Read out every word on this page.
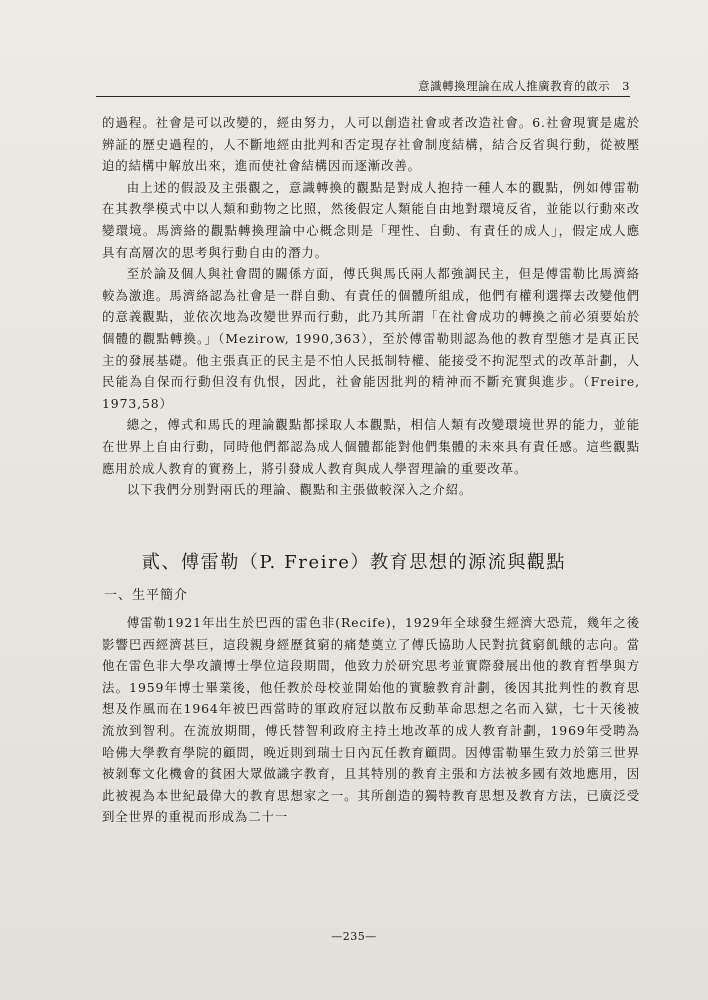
意識轉換理論在成人推廣教育的啟示　3

的過程。社會是可以改變的，經由努力，人可以創造社會或者改造社會。6.社會現實是處於辨証的歷史過程的，人不斷地經由批判和否定現存社會制度結構，結合反省與行動，從被壓迫的結構中解放出來，進而使社會結構因而逐漸改善。

由上述的假設及主張觀之，意識轉換的觀點是對成人抱持一種人本的觀點，例如傅雷勒在其教學模式中以人類和動物之比照，然後假定人類能自由地對環境反省，並能以行動來改變環境。馬濟絡的觀點轉換理論中心概念則是「理性、自動、有責任的成人」，假定成人應具有高層次的思考與行動自由的潛力。

至於論及個人與社會間的關係方面，傅氏與馬氏兩人都強調民主，但是傅雷勒比馬濟絡較為激進。馬濟絡認為社會是一群自動、有責任的個體所組成，他們有權利選擇去改變他們的意義觀點，並依次地為改變世界而行動，此乃其所謂「在社會成功的轉換之前必須要始於個體的觀點轉換。」（Mezirow, 1990,363），至於傅雷勒則認為他的教育型態才是真正民主的發展基礎。他主張真正的民主是不怕人民抵制特權、能接受不拘泥型式的改革計劃，人民能為自保而行動但沒有仇恨，因此，社會能因批判的精神而不斷充實與進步。（Freire, 1973,58）

總之，傅式和馬氏的理論觀點都採取人本觀點，相信人類有改變環境世界的能力，並能在世界上自由行動，同時他們都認為成人個體都能對他們集體的未來具有責任感。這些觀點應用於成人教育的實務上，將引發成人教育與成人學習理論的重要改革。

以下我們分別對兩氏的理論、觀點和主張做較深入之介紹。

貳、傅雷勒（P. Freire）教育思想的源流與觀點
一、生平簡介

傅雷勒1921年出生於巴西的雷色非(Recife)，1929年全球發生經濟大恐荒，幾年之後影響巴西經濟甚巨，這段親身經歷貧窮的痛楚奠立了傅氏協助人民對抗貧窮飢餓的志向。當他在雷色非大學攻讀博士學位這段期間，他致力於研究思考並實際發展出他的教育哲學與方法。1959年博士畢業後，他任教於母校並開始他的實驗教育計劃，後因其批判性的教育思想及作風而在1964年被巴西當時的軍政府冠以散布反動革命思想之名而入獄，七十天後被流放到智利。在流放期間，傅氏替智利政府主持土地改革的成人教育計劃，1969年受聘為哈佛大學教育學院的顧問，晚近則到瑞士日內瓦任教育顧問。因傅雷勒畢生致力於第三世界被剝奪文化機會的貧困大眾做識字教育，且其特別的教育主張和方法被多國有效地應用，因此被視為本世紀最偉大的教育思想家之一。其所創造的獨特教育思想及教育方法，已廣泛受到全世界的重視而形成為二十一

—235—
